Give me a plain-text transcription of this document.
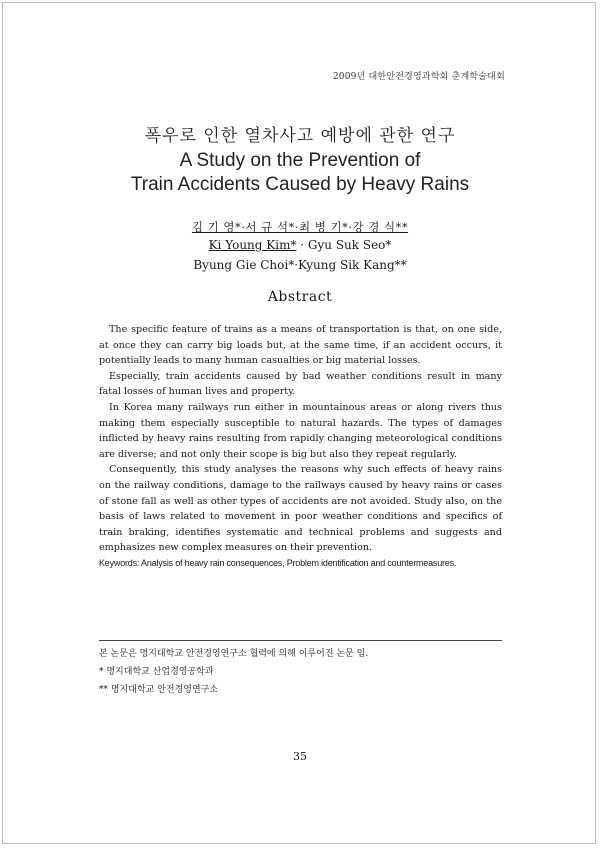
2009년 대한안전경영과학회 춘계학술대회
폭우로 인한 열차사고 예방에 관한 연구
A Study on the Prevention of
Train Accidents Caused by Heavy Rains
김 기 영*·서 규 석*·최 병 기*·강 경 식**
Ki Young Kim* · Gyu Suk Seo*
Byung Gie Choi*·Kyung Sik Kang**
Abstract

The specific feature of trains as a means of transportation is that, on one side, at once they can carry big loads but, at the same time, if an accident occurs, it potentially leads to many human casualties or big material losses.

Especially, train accidents caused by bad weather conditions result in many fatal losses of human lives and property.

In Korea many railways run either in mountainous areas or along rivers thus making them especially susceptible to natural hazards. The types of damages inflicted by heavy rains resulting from rapidly changing meteorological conditions are diverse; and not only their scope is big but also they repeat regularly.

Consequently, this study analyses the reasons why such effects of heavy rains on the railway conditions, damage to the railways caused by heavy rains or cases of stone fall as well as other types of accidents are not avoided. Study also, on the basis of laws related to movement in poor weather conditions and specifics of train braking, identifies systematic and technical problems and suggests and emphasizes new complex measures on their prevention.

Keywords: Analysis of heavy rain consequences, Problem identification and countermeasures.

본 논문은 명지대학교 안전경영연구소 협력에 의해 이루어진 논문 임.
* 명지대학교 산업경영공학과
** 명지대학교 안전경영연구소
35
